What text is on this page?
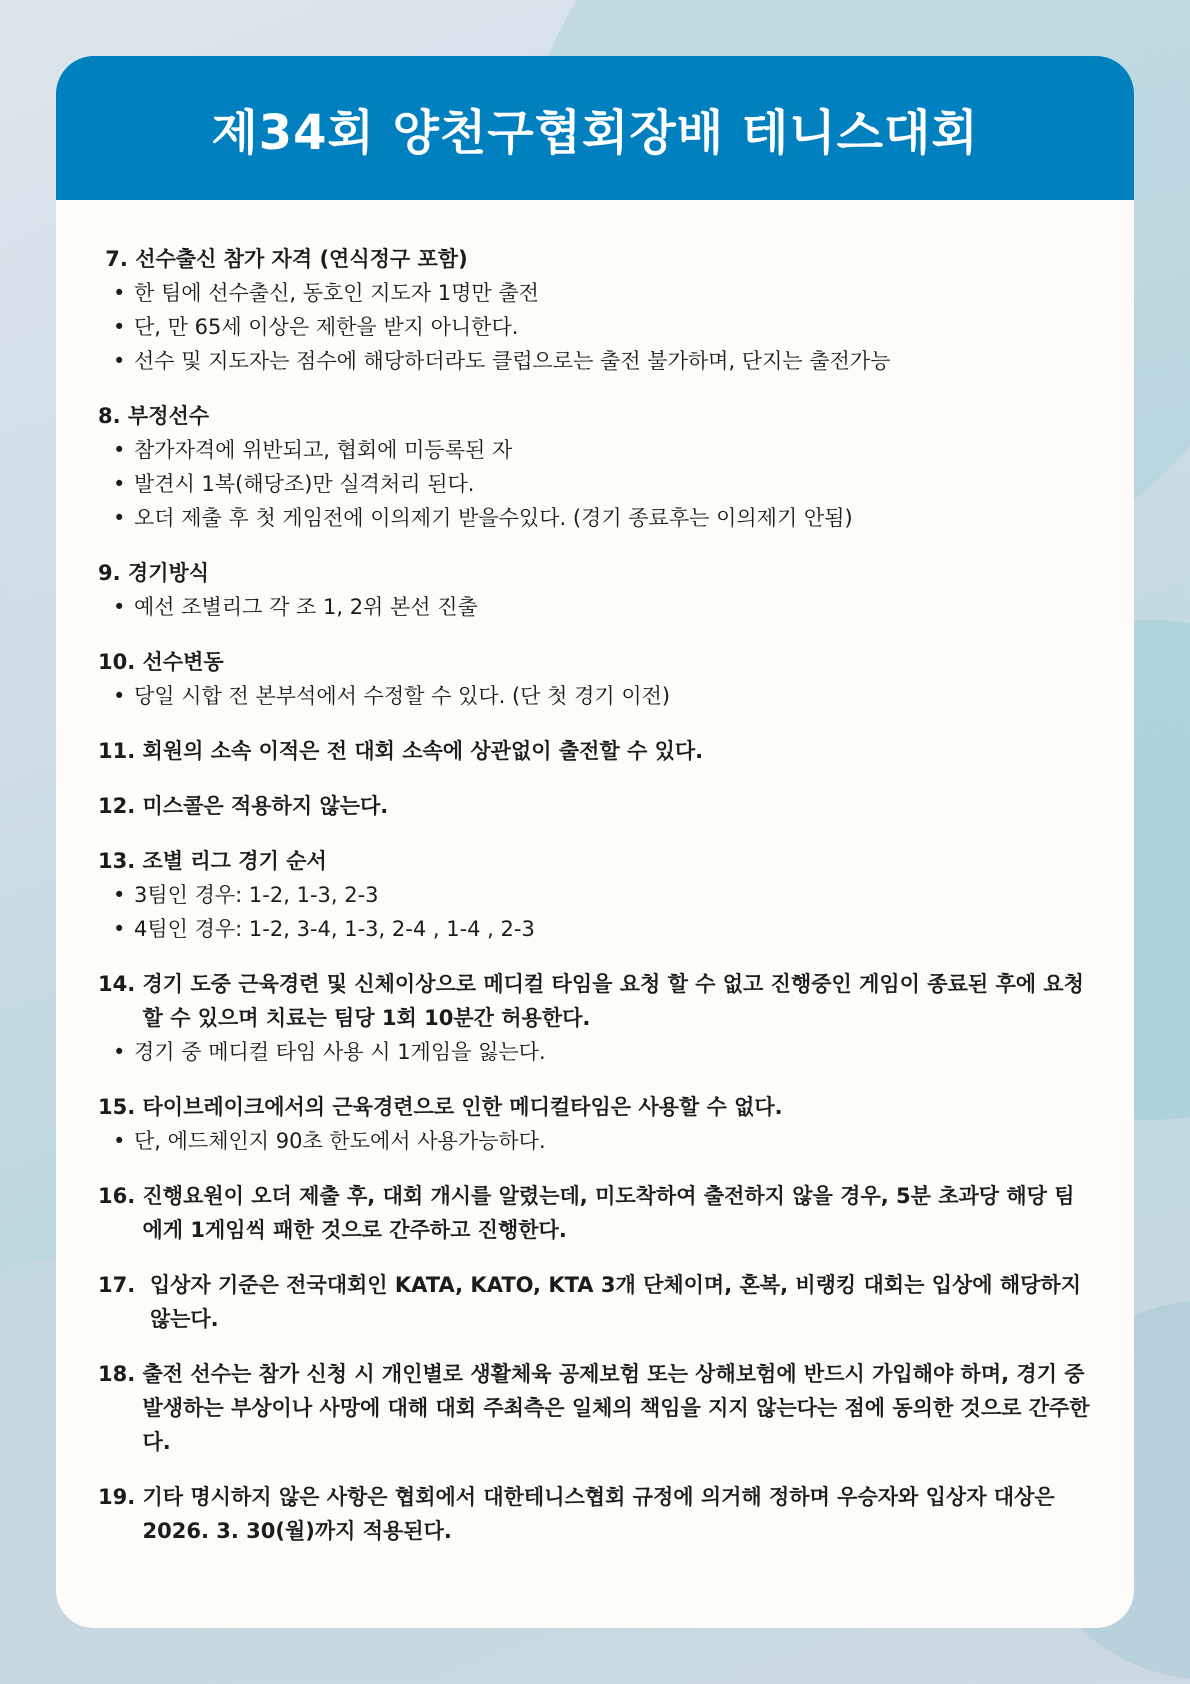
제34회 양천구협회장배 테니스대회
7. 선수출신 참가 자격 (연식정구 포함)
• 한 팀에 선수출신, 동호인 지도자 1명만 출전
• 단, 만 65세 이상은 제한을 받지 아니한다.
• 선수 및 지도자는 점수에 해당하더라도 클럽으로는 출전 불가하며, 단지는 출전가능
8. 부정선수
• 참가자격에 위반되고, 협회에 미등록된 자
• 발견시 1복(해당조)만 실격처리 된다.
• 오더 제출 후 첫 게임전에 이의제기 받을수있다. (경기 종료후는 이의제기 안됨)
9. 경기방식
• 예선 조별리그 각 조 1, 2위 본선 진출
10. 선수변동
• 당일 시합 전 본부석에서 수정할 수 있다. (단 첫 경기 이전)
11. 회원의 소속 이적은 전 대회 소속에 상관없이 출전할 수 있다.
12. 미스콜은 적용하지 않는다.
13. 조별 리그 경기 순서
• 3팀인 경우: 1-2, 1-3, 2-3
• 4팀인 경우: 1-2, 3-4, 1-3, 2-4 , 1-4 , 2-3
14. 경기 도중 근육경련 및 신체이상으로 메디컬 타임을 요청 할 수 없고 진행중인 게임이 종료된 후에 요청 할 수 있으며 치료는 팀당 1회 10분간 허용한다.
• 경기 중 메디컬 타임 사용 시 1게임을 잃는다.
15. 타이브레이크에서의 근육경련으로 인한 메디컬타임은 사용할 수 없다.
• 단, 에드체인지 90초 한도에서 사용가능하다.
16. 진행요원이 오더 제출 후, 대회 개시를 알렸는데, 미도착하여 출전하지 않을 경우, 5분 초과당 해당 팀에게 1게임씩 패한 것으로 간주하고 진행한다.
17. 입상자 기준은 전국대회인 KATA, KATO, KTA 3개 단체이며, 혼복, 비랭킹 대회는 입상에 해당하지 않는다.
18. 출전 선수는 참가 신청 시 개인별로 생활체육 공제보험 또는 상해보험에 반드시 가입해야 하며, 경기 중 발생하는 부상이나 사망에 대해 대회 주최측은 일체의 책임을 지지 않는다는 점에 동의한 것으로 간주한다.
19. 기타 명시하지 않은 사항은 협회에서 대한테니스협회 규정에 의거해 정하며 우승자와 입상자 대상은 2026. 3. 30(월)까지 적용된다.
